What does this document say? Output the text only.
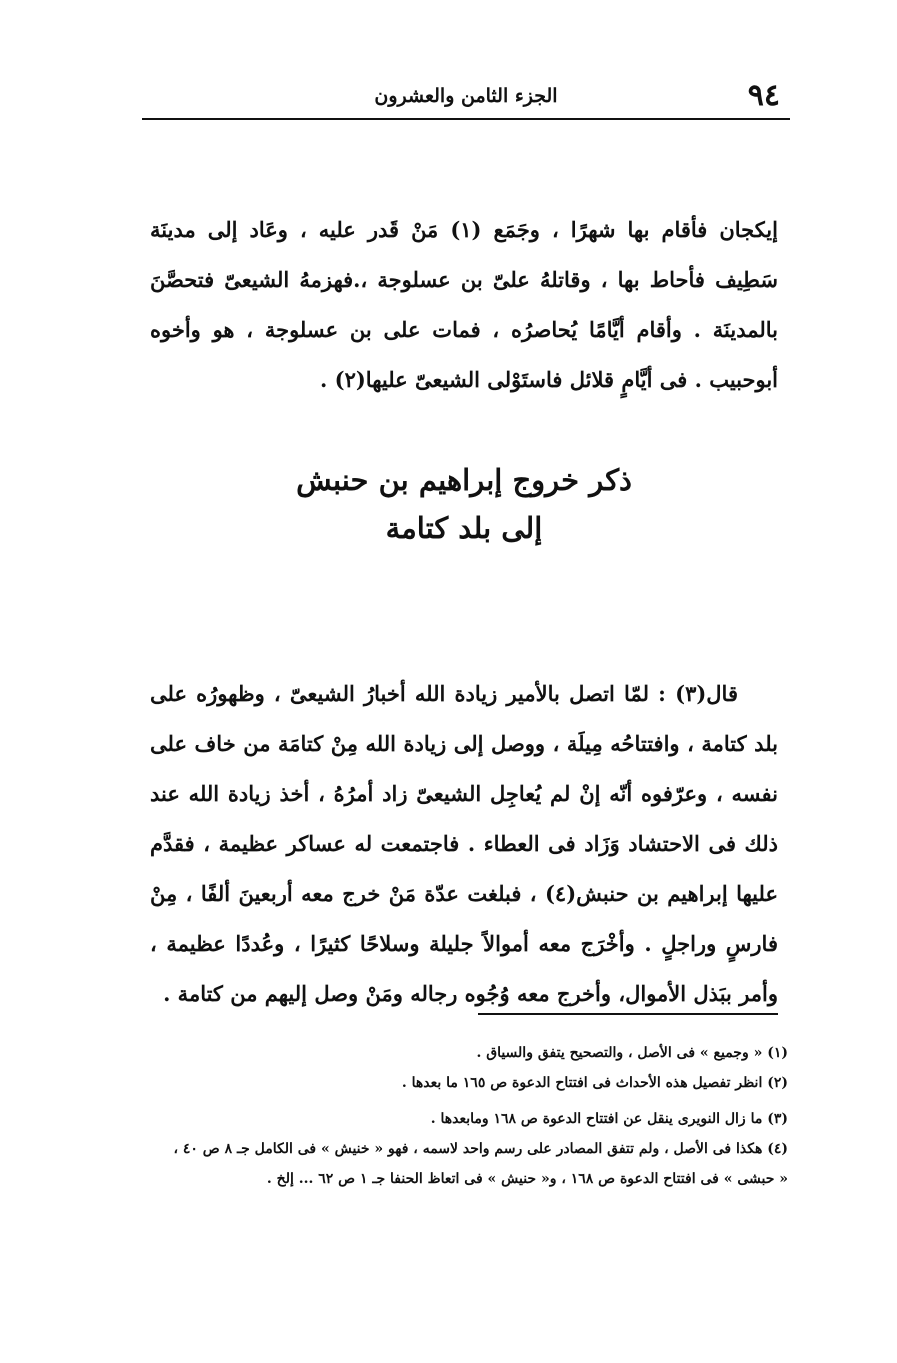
٩٤
الجزء الثامن والعشرون

إيكجان فأقام بها شهرًا ، وجَمَع (١) مَنْ قَدر عليه ، وعَاد إلى مدينَة سَطِيف فأحاط بها ، وقاتلهُ علىّ بن عسلوجة ،.فهزمهُ الشيعىّ فتحصَّنَ بالمدينَة . وأقام أيَّامًا يُحاصرُه ، فمات على بن عسلوجة ، هو وأخوه أبوحبيب . فى أيَّامٍ قلائل فاستَوْلى الشيعىّ عليها(٢) .

ذكر خروج إبراهيم بن حنبش
إلى بلد كتامة

قال(٣) : لمّا اتصل بالأمير زيادة الله أخبارُ الشيعىّ ، وظهورُه على بلد كتامة ، وافتتاحُه مِيلَة ، ووصل إلى زيادة الله مِنْ كتامَة من خاف على نفسه ، وعرّفوه أنّه إنْ لم يُعاجِل الشيعىّ زاد أمرُهُ ، أخذ زيادة الله عند ذلك فى الاحتشاد وَزَاد فى العطاء . فاجتمعت له عساكر عظيمة ، فقدَّم عليها إبراهيم بن حنبش(٤) ، فبلغت عدّة مَنْ خرج معه أربعينَ ألفًا ، مِنْ فارسٍ وراجلٍ . وأخْرَج معه أموالاً جليلة وسلاحًا كثيرًا ، وعُددًا عظيمة ، وأمر ببَذل الأموال، وأخرج معه وُجُوه رجاله ومَنْ وصل إليهم من كتامة .

(١) « وجميع » فى الأصل ، والتصحيح يتفق والسياق .

(٢) انظر تفصيل هذه الأحداث فى افتتاح الدعوة ص ١٦٥ ما بعدها .

(٣) ما زال النويرى ينقل عن افتتاح الدعوة ص ١٦٨ ومابعدها .

(٤) هكذا فى الأصل ، ولم تتفق المصادر على رسم واحد لاسمه ، فهو « خنيش » فى الكامل جـ ٨ ص ٤٠ ، « حبشى » فى افتتاح الدعوة ص ١٦٨ ، و« حنيش » فى اتعاظ الحنفا جـ ١ ص ٦٢ ... إلخ .
